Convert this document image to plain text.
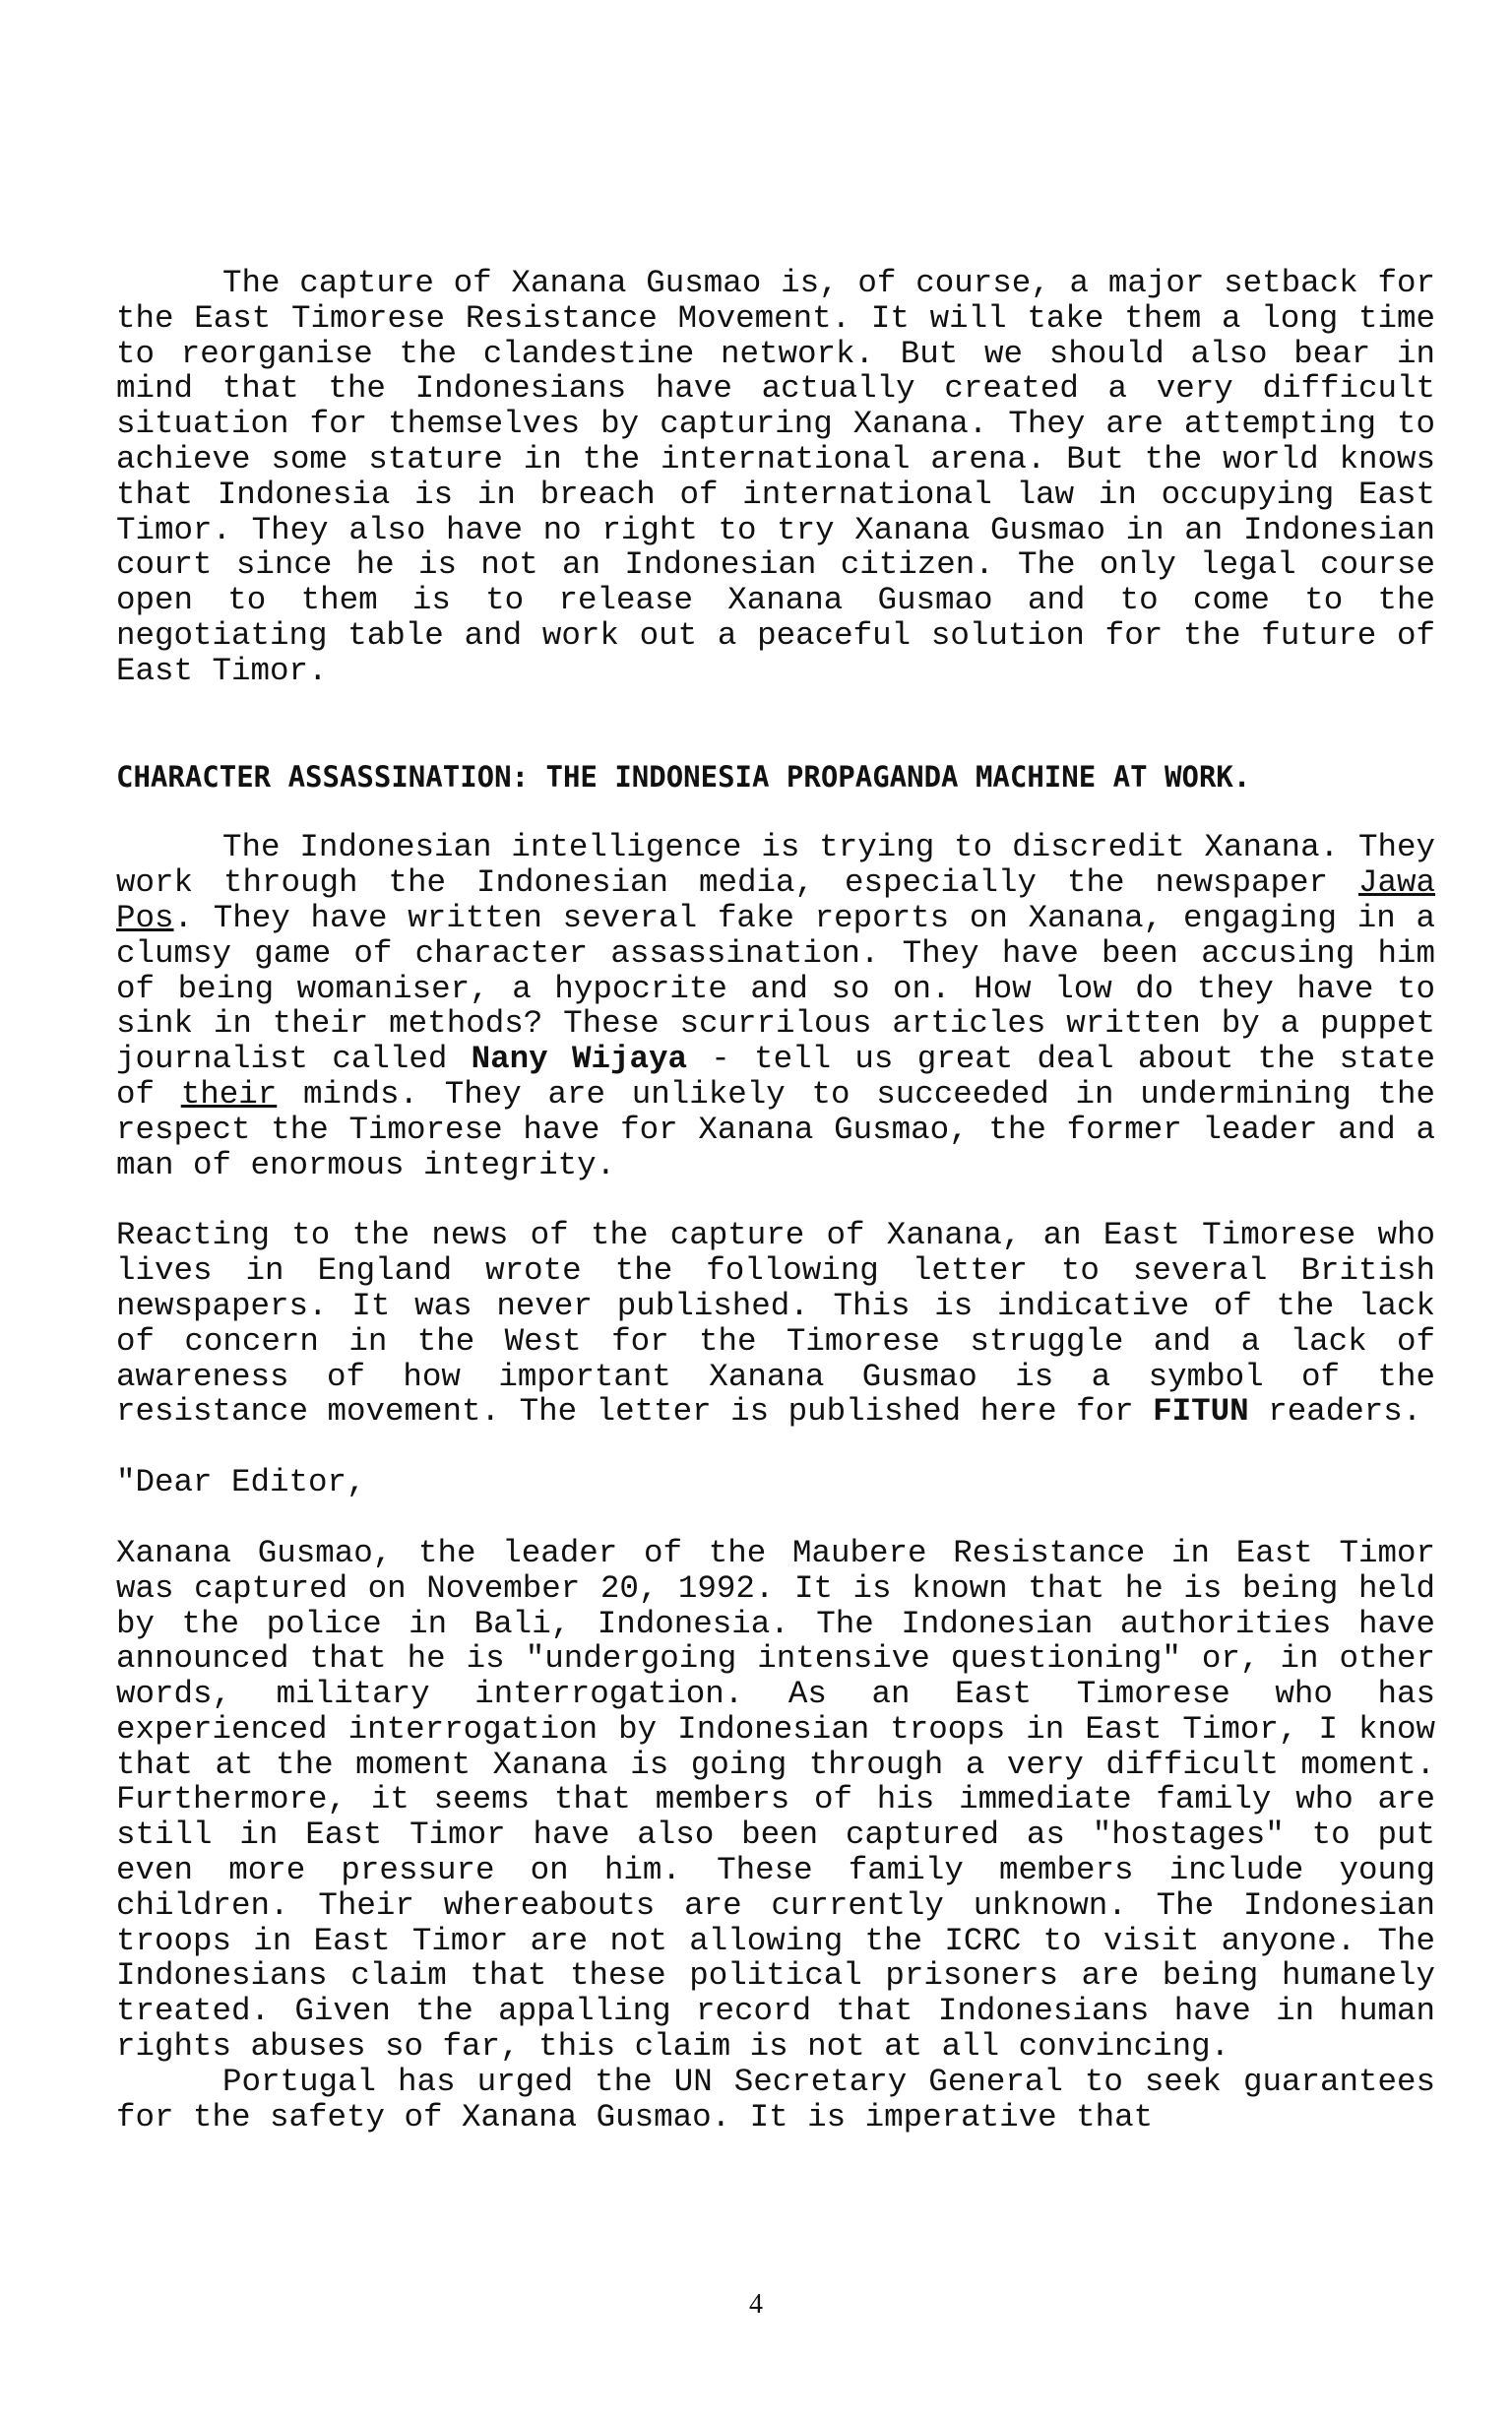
The capture of Xanana Gusmao is, of course, a major setback for the East Timorese Resistance Movement. It will take them a long time to reorganise the clandestine network. But we should also bear in mind that the Indonesians have actually created a very difficult situation for themselves by capturing Xanana. They are attempting to achieve some stature in the international arena. But the world knows that Indonesia is in breach of international law in occupying East Timor. They also have no right to try Xanana Gusmao in an Indonesian court since he is not an Indonesian citizen. The only legal course open to them is to release Xanana Gusmao and to come to the negotiating table and work out a peaceful solution for the future of East Timor.

CHARACTER ASSASSINATION: THE INDONESIA PROPAGANDA MACHINE AT WORK.

The Indonesian intelligence is trying to discredit Xanana. They work through the Indonesian media, especially the newspaper Jawa Pos. They have written several fake reports on Xanana, engaging in a clumsy game of character assassination. They have been accusing him of being womaniser, a hypocrite and so on. How low do they have to sink in their methods? These scurrilous articles written by a puppet journalist called Nany Wijaya - tell us great deal about the state of their minds. They are unlikely to succeeded in undermining the respect the Timorese have for Xanana Gusmao, the former leader and a man of enormous integrity.

Reacting to the news of the capture of Xanana, an East Timorese who lives in England wrote the following letter to several British newspapers. It was never published. This is indicative of the lack of concern in the West for the Timorese struggle and a lack of awareness of how important Xanana Gusmao is a symbol of the resistance movement. The letter is published here for FITUN readers.

"Dear Editor,

Xanana Gusmao, the leader of the Maubere Resistance in East Timor was captured on November 20, 1992. It is known that he is being held by the police in Bali, Indonesia. The Indonesian authorities have announced that he is "undergoing intensive questioning" or, in other words, military interrogation. As an East Timorese who has experienced interrogation by Indonesian troops in East Timor, I know that at the moment Xanana is going through a very difficult moment. Furthermore, it seems that members of his immediate family who are still in East Timor have also been captured as "hostages" to put even more pressure on him. These family members include young children. Their whereabouts are currently unknown. The Indonesian troops in East Timor are not allowing the ICRC to visit anyone. The Indonesians claim that these political prisoners are being humanely treated. Given the appalling record that Indonesians have in human rights abuses so far, this claim is not at all convincing.

Portugal has urged the UN Secretary General to seek guarantees for the safety of Xanana Gusmao. It is imperative that

4
